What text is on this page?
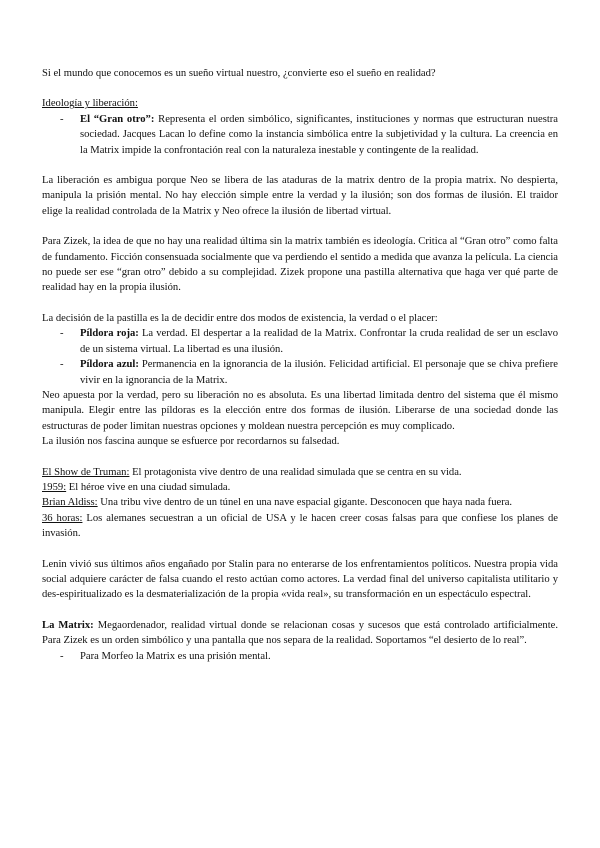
Si el mundo que conocemos es un sueño virtual nuestro, ¿convierte eso el sueño en realidad?

Ideología y liberación:

- El “Gran otro”: Representa el orden simbólico, significantes, instituciones y normas que estructuran nuestra sociedad. Jacques Lacan lo define como la instancia simbólica entre la subjetividad y la cultura. La creencia en la Matrix impide la confrontación real con la naturaleza inestable y contingente de la realidad.

La liberación es ambigua porque Neo se libera de las ataduras de la matrix dentro de la propia matrix. No despierta, manipula la prisión mental. No hay elección simple entre la verdad y la ilusión; son dos formas de ilusión. El traidor elige la realidad controlada de la Matrix y Neo ofrece la ilusión de libertad virtual.

Para Zizek, la idea de que no hay una realidad última sin la matrix también es ideología. Critica al “Gran otro” como falta de fundamento. Ficción consensuada socialmente que va perdiendo el sentido a medida que avanza la película. La ciencia no puede ser ese “gran otro” debido a su complejidad. Zizek propone una pastilla alternativa que haga ver qué parte de realidad hay en la propia ilusión.

La decisión de la pastilla es la de decidir entre dos modos de existencia, la verdad o el placer:

- Píldora roja: La verdad. El despertar a la realidad de la Matrix. Confrontar la cruda realidad de ser un esclavo de un sistema virtual. La libertad es una ilusión.
- Píldora azul: Permanencia en la ignorancia de la ilusión. Felicidad artificial. El personaje que se chiva prefiere vivir en la ignorancia de la Matrix.

Neo apuesta por la verdad, pero su liberación no es absoluta. Es una libertad limitada dentro del sistema que él mismo manipula. Elegir entre las píldoras es la elección entre dos formas de ilusión. Liberarse de una sociedad donde las estructuras de poder limitan nuestras opciones y moldean nuestra percepción es muy complicado.

La ilusión nos fascina aunque se esfuerce por recordarnos su falsedad.

El Show de Truman: El protagonista vive dentro de una realidad simulada que se centra en su vida.

1959: El héroe vive en una ciudad simulada.

Brian Aldiss: Una tribu vive dentro de un túnel en una nave espacial gigante. Desconocen que haya nada fuera.

36 horas: Los alemanes secuestran a un oficial de USA y le hacen creer cosas falsas para que confiese los planes de invasión.

Lenin vivió sus últimos años engañado por Stalin para no enterarse de los enfrentamientos políticos. Nuestra propia vida social adquiere carácter de falsa cuando el resto actúan como actores. La verdad final del universo capitalista utilitario y des-espiritualizado es la desmaterialización de la propia «vida real», su transformación en un espectáculo espectral.

La Matrix: Megaordenador, realidad virtual donde se relacionan cosas y sucesos que está controlado artificialmente. Para Zizek es un orden simbólico y una pantalla que nos separa de la realidad. Soportamos “el desierto de lo real”.

- Para Morfeo la Matrix es una prisión mental.
